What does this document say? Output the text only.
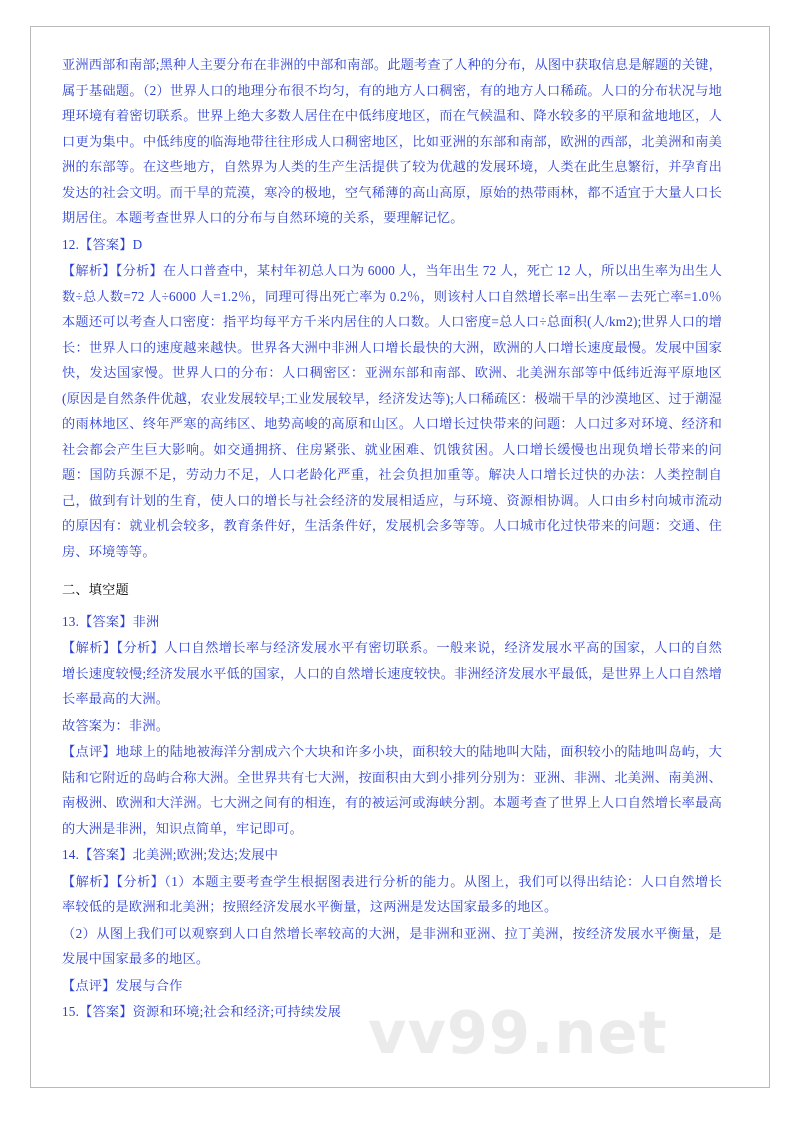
亚洲西部和南部;黑种人主要分布在非洲的中部和南部。此题考查了人种的分布，从图中获取信息是解题的关键，属于基础题。（2）世界人口的地理分布很不均匀，有的地方人口稠密，有的地方人口稀疏。人口的分布状况与地理环境有着密切联系。世界上绝大多数人居住在中低纬度地区，而在气候温和、降水较多的平原和盆地地区，人口更为集中。中低纬度的临海地带往往形成人口稠密地区，比如亚洲的东部和南部，欧洲的西部，北美洲和南美洲的东部等。在这些地方，自然界为人类的生产生活提供了较为优越的发展环境，人类在此生息繁衍，并孕育出发达的社会文明。而干旱的荒漠，寒冷的极地，空气稀薄的高山高原，原始的热带雨林，都不适宜于大量人口长期居住。本题考查世界人口的分布与自然环境的关系，要理解记忆。

12.【答案】D

【解析】【分析】在人口普查中，某村年初总人口为 6000 人，当年出生 72 人，死亡 12 人，所以出生率为出生人数÷总人数=72 人÷6000 人=1.2％，同理可得出死亡率为 0.2％，则该村人口自然增长率=出生率－去死亡率=1.0％ 本题还可以考查人口密度：指平均每平方千米内居住的人口数。人口密度=总人口÷总面积(人/km2);世界人口的增长：世界人口的速度越来越快。世界各大洲中非洲人口增长最快的大洲，欧洲的人口增长速度最慢。发展中国家快，发达国家慢。世界人口的分布：人口稠密区：亚洲东部和南部、欧洲、北美洲东部等中低纬近海平原地区(原因是自然条件优越，农业发展较早;工业发展较早，经济发达等);人口稀疏区：极端干旱的沙漠地区、过于潮湿的雨林地区、终年严寒的高纬区、地势高峻的高原和山区。人口增长过快带来的问题：人口过多对环境、经济和社会都会产生巨大影响。如交通拥挤、住房紧张、就业困难、饥饿贫困。人口增长缓慢也出现负增长带来的问题：国防兵源不足，劳动力不足，人口老龄化严重，社会负担加重等。解决人口增长过快的办法：人类控制自己，做到有计划的生育，使人口的增长与社会经济的发展相适应，与环境、资源相协调。人口由乡村向城市流动的原因有：就业机会较多，教育条件好，生活条件好，发展机会多等等。人口城市化过快带来的问题：交通、住房、环境等等。

二、填空题

13.【答案】非洲

【解析】【分析】人口自然增长率与经济发展水平有密切联系。一般来说，经济发展水平高的国家，人口的自然增长速度较慢;经济发展水平低的国家，人口的自然增长速度较快。非洲经济发展水平最低，是世界上人口自然增长率最高的大洲。

故答案为：非洲。

【点评】地球上的陆地被海洋分割成六个大块和许多小块，面积较大的陆地叫大陆，面积较小的陆地叫岛屿，大陆和它附近的岛屿合称大洲。全世界共有七大洲，按面积由大到小排列分别为：亚洲、非洲、北美洲、南美洲、南极洲、欧洲和大洋洲。七大洲之间有的相连，有的被运河或海峡分割。本题考查了世界上人口自然增长率最高的大洲是非洲，知识点简单，牢记即可。

14.【答案】北美洲;欧洲;发达;发展中

【解析】【分析】（1）本题主要考查学生根据图表进行分析的能力。从图上，我们可以得出结论：人口自然增长率较低的是欧洲和北美洲；按照经济发展水平衡量，这两洲是发达国家最多的地区。

（2）从图上我们可以观察到人口自然增长率较高的大洲，是非洲和亚洲、拉丁美洲，按经济发展水平衡量，是发展中国家最多的地区。

【点评】发展与合作

15.【答案】资源和环境;社会和经济;可持续发展 vv99.net
